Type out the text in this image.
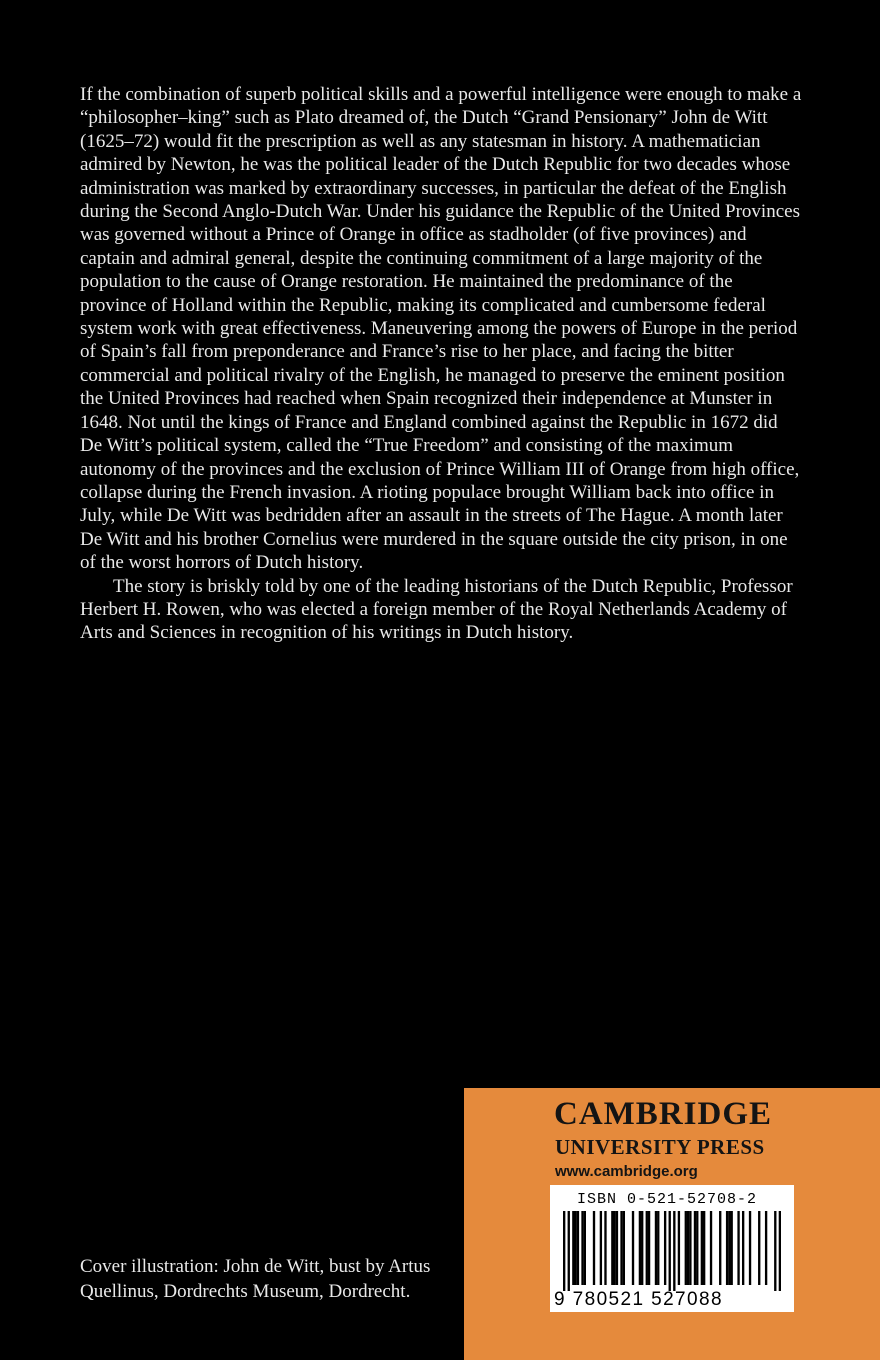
If the combination of superb political skills and a powerful intelligence were enough to make a “philosopher–king” such as Plato dreamed of, the Dutch “Grand Pensionary” John de Witt (1625–72) would fit the prescription as well as any statesman in history. A mathematician admired by Newton, he was the political leader of the Dutch Republic for two decades whose administration was marked by extraordinary successes, in particular the defeat of the English during the Second Anglo-Dutch War. Under his guidance the Republic of the United Provinces was governed without a Prince of Orange in office as stadholder (of five provinces) and captain and admiral general, despite the continuing commitment of a large majority of the population to the cause of Orange restoration. He maintained the predominance of the province of Holland within the Republic, making its complicated and cumbersome federal system work with great effectiveness. Maneuvering among the powers of Europe in the period of Spain’s fall from preponderance and France’s rise to her place, and facing the bitter commercial and political rivalry of the English, he managed to preserve the eminent position the United Provinces had reached when Spain recognized their independence at Munster in 1648. Not until the kings of France and England combined against the Republic in 1672 did De Witt’s political system, called the “True Freedom” and consisting of the maximum autonomy of the provinces and the exclusion of Prince William III of Orange from high office, collapse during the French invasion. A rioting populace brought William back into office in July, while De Witt was bedridden after an assault in the streets of The Hague. A month later De Witt and his brother Cornelius were murdered in the square outside the city prison, in one of the worst horrors of Dutch history.

The story is briskly told by one of the leading historians of the Dutch Republic, Professor Herbert H. Rowen, who was elected a foreign member of the Royal Netherlands Academy of Arts and Sciences in recognition of his writings in Dutch history.

Cover illustration: John de Witt, bust by Artus Quellinus, Dordrechts Museum, Dordrecht.
CAMBRIDGE
UNIVERSITY PRESS
www.cambridge.org
ISBN 0-521-52708-2
9 780521 527088
